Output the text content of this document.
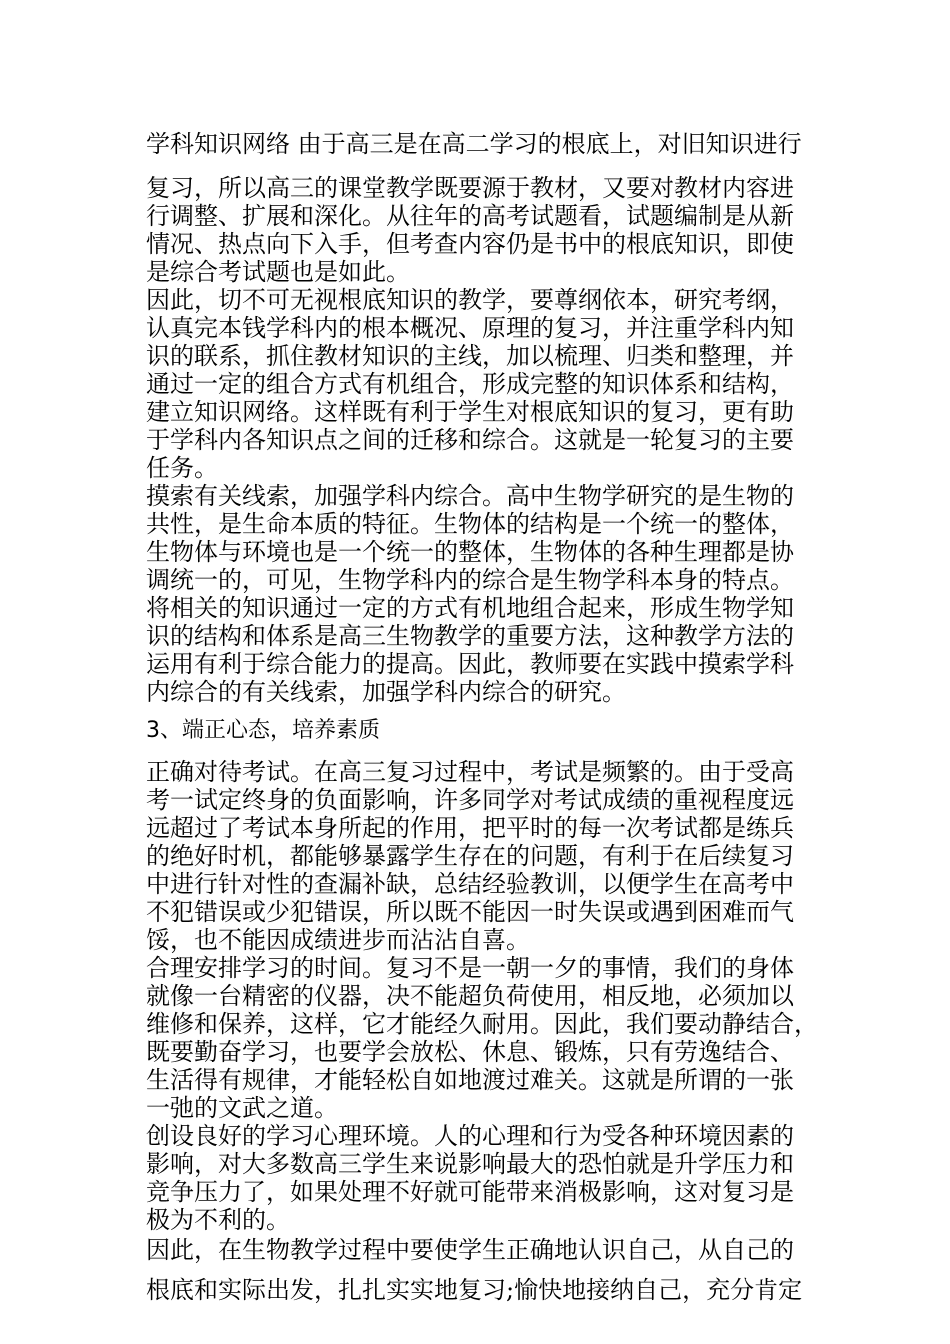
学科知识网络 由于高三是在高二学习的根底上，对旧知识进行
复习，所以高三的课堂教学既要源于教材，又要对教材内容进
行调整、扩展和深化。从往年的高考试题看，试题编制是从新
情况、热点向下入手，但考查内容仍是书中的根底知识，即使
是综合考试题也是如此。
因此，切不可无视根底知识的教学，要尊纲依本，研究考纲，
认真完本钱学科内的根本概况、原理的复习，并注重学科内知
识的联系，抓住教材知识的主线，加以梳理、归类和整理，并
通过一定的组合方式有机组合，形成完整的知识体系和结构，
建立知识网络。这样既有利于学生对根底知识的复习，更有助
于学科内各知识点之间的迁移和综合。这就是一轮复习的主要
任务。
摸索有关线索，加强学科内综合。高中生物学研究的是生物的
共性，是生命本质的特征。生物体的结构是一个统一的整体，
生物体与环境也是一个统一的整体，生物体的各种生理都是协
调统一的，可见，生物学科内的综合是生物学科本身的特点。
将相关的知识通过一定的方式有机地组合起来，形成生物学知
识的结构和体系是高三生物教学的重要方法，这种教学方法的
运用有利于综合能力的提高。因此，教师要在实践中摸索学科
内综合的有关线索，加强学科内综合的研究。
3、端正心态，培养素质
正确对待考试。在高三复习过程中，考试是频繁的。由于受高
考一试定终身的负面影响，许多同学对考试成绩的重视程度远
远超过了考试本身所起的作用，把平时的每一次考试都是练兵
的绝好时机，都能够暴露学生存在的问题，有利于在后续复习
中进行针对性的查漏补缺，总结经验教训，以便学生在高考中
不犯错误或少犯错误，所以既不能因一时失误或遇到困难而气
馁，也不能因成绩进步而沾沾自喜。
合理安排学习的时间。复习不是一朝一夕的事情，我们的身体
就像一台精密的仪器，决不能超负荷使用，相反地，必须加以
维修和保养，这样，它才能经久耐用。因此，我们要动静结合，
既要勤奋学习，也要学会放松、休息、锻炼，只有劳逸结合、
生活得有规律，才能轻松自如地渡过难关。这就是所谓的一张
一弛的文武之道。
创设良好的学习心理环境。人的心理和行为受各种环境因素的
影响，对大多数高三学生来说影响最大的恐怕就是升学压力和
竞争压力了，如果处理不好就可能带来消极影响，这对复习是
极为不利的。
因此，在生物教学过程中要使学生正确地认识自己，从自己的
根底和实际出发，扎扎实实地复习;愉快地接纳自己，充分肯定
